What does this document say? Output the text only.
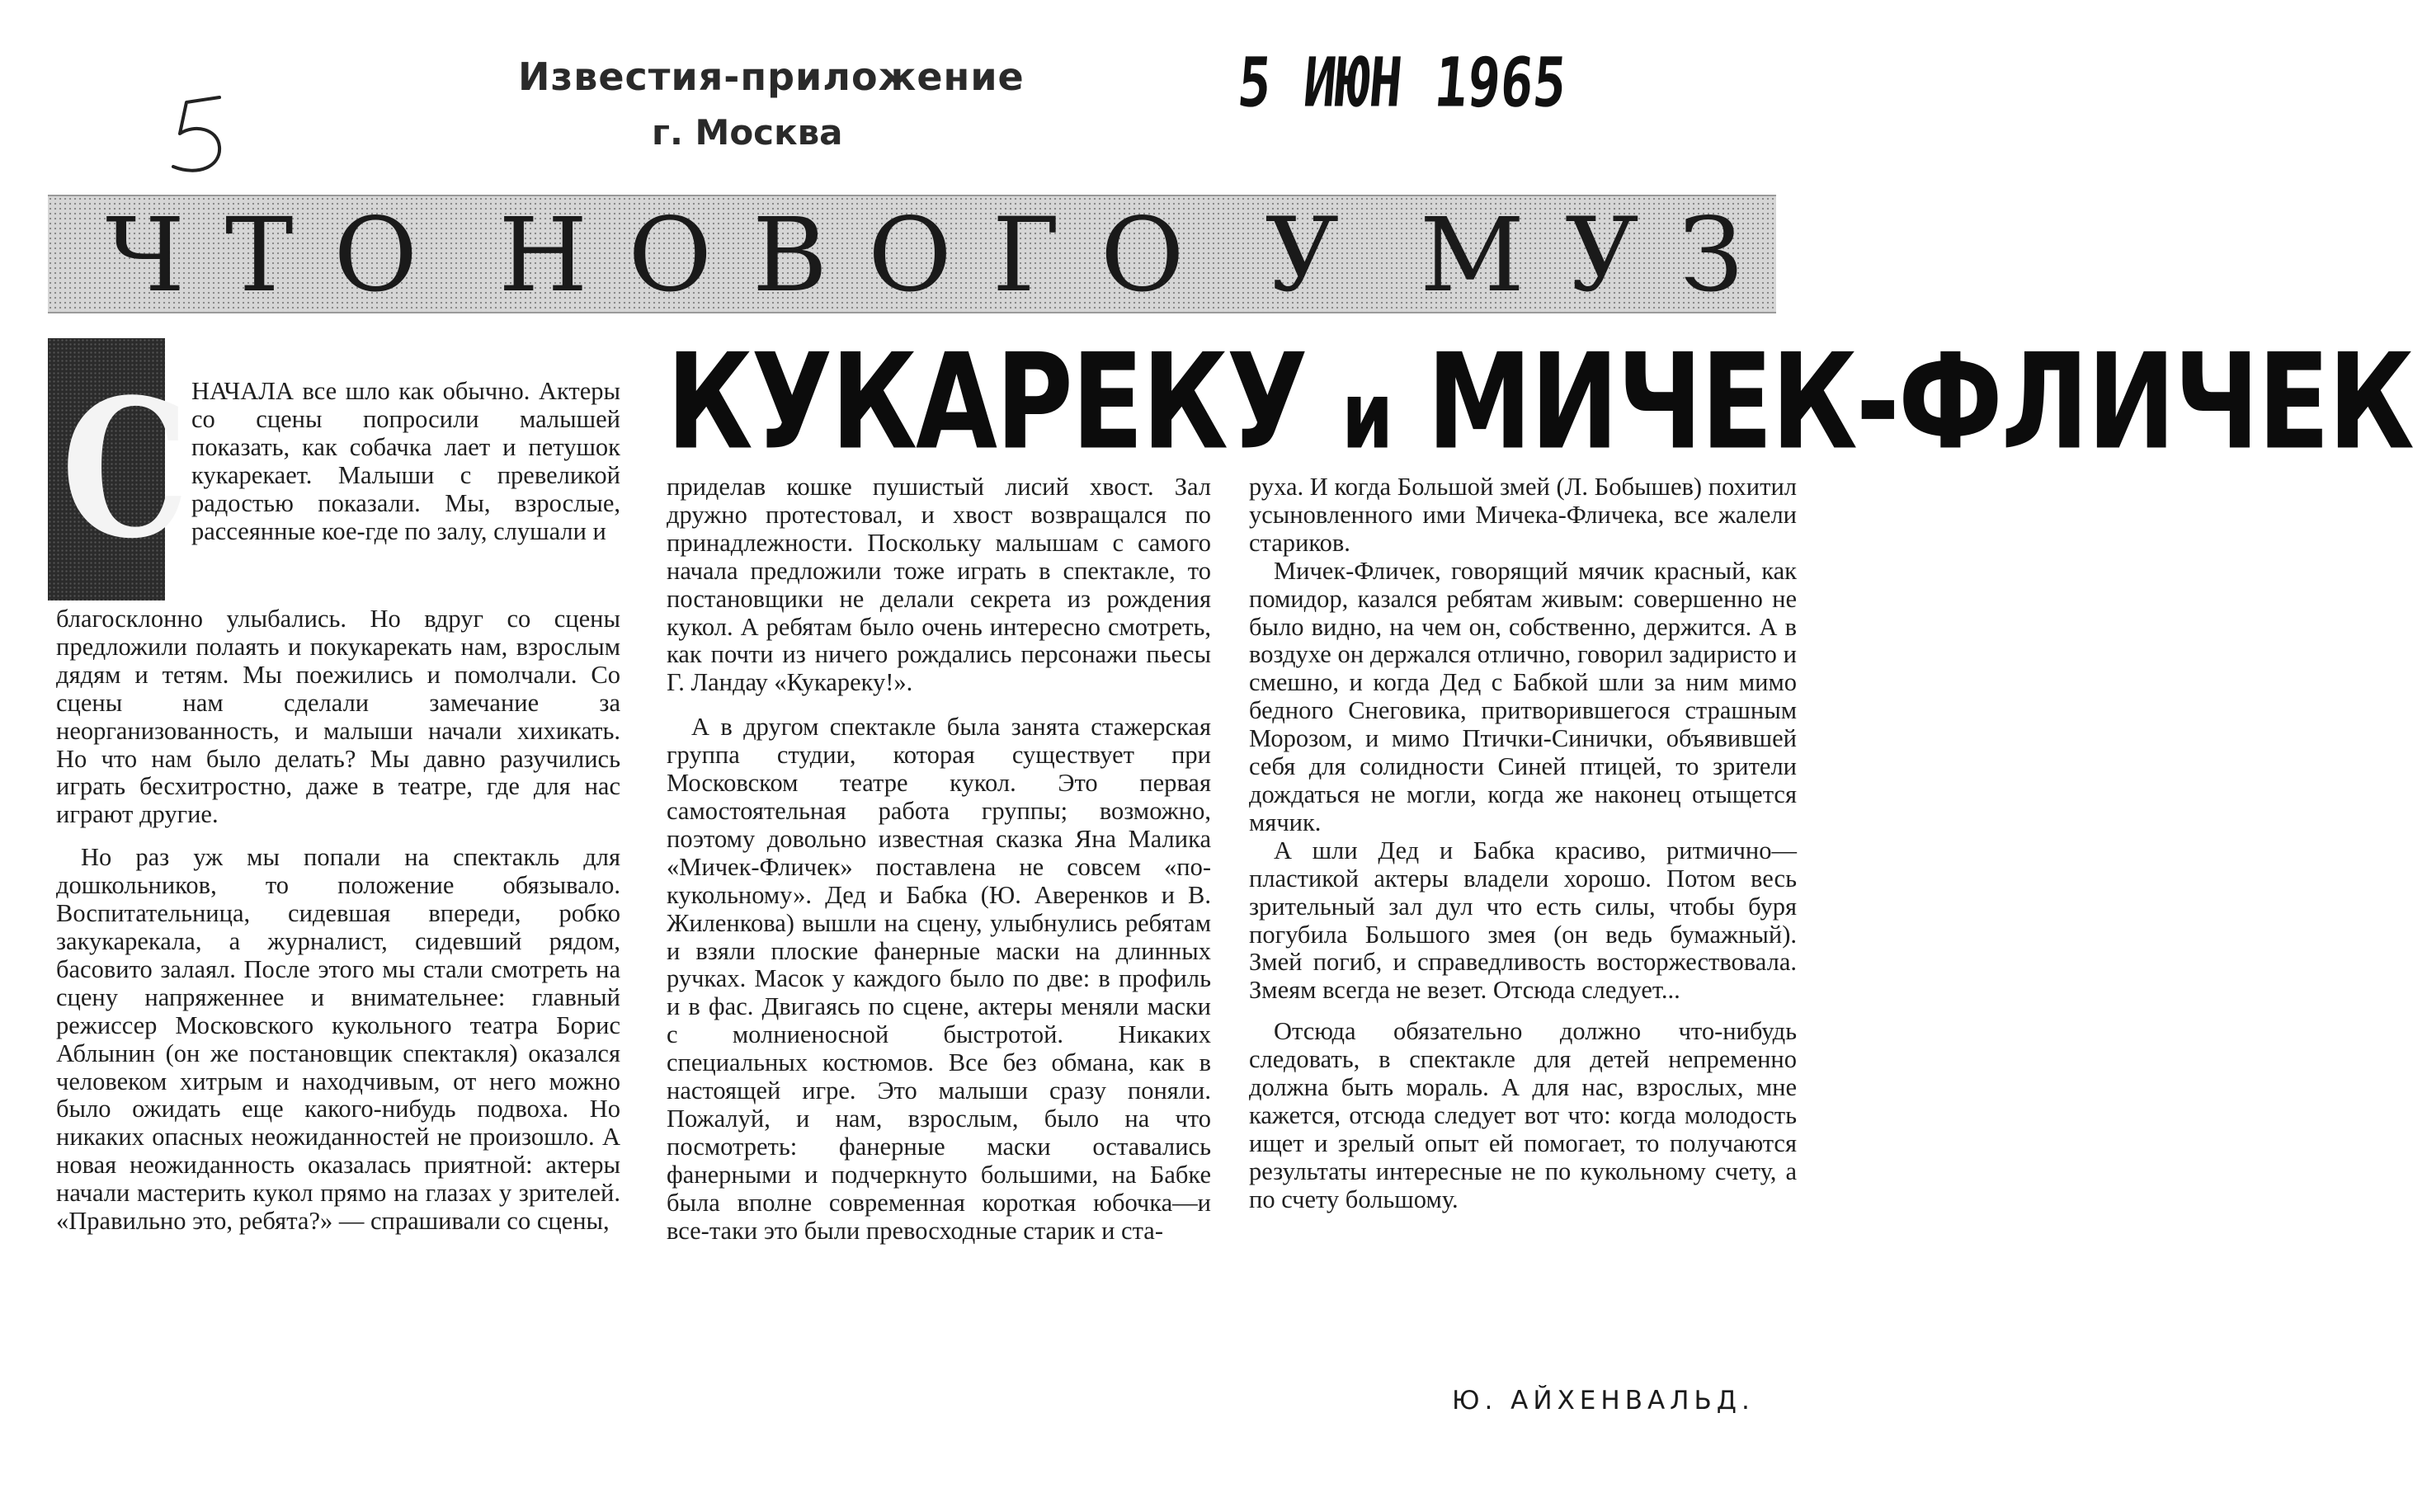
Известия-приложение
г. Москва
5 ИЮН 1965
Ч Т О Н О В О Г О У М У З
КУКАРЕКУ и МИЧЕК-ФЛИЧЕК
С НАЧАЛА все шло как обычно. Актеры со сцены попросили малышей показать, как собачка лает и петушок кукарекает. Малыши с превеликой радостью показали. Мы, взрослые, рассеянные кое-где по залу, слушали и

благосклонно улыбались. Но вдруг со сцены предложили полаять и покукарекать нам, взрослым дядям и тетям. Мы поежились и помолчали. Со сцены нам сделали замечание за неорганизованность, и малыши начали хихикать. Но что нам было делать? Мы давно разучились играть бесхитростно, даже в театре, где для нас играют другие.

Но раз уж мы попали на спектакль для дошкольников, то положение обязывало. Воспитательница, сидевшая впереди, робко закукарекала, а журналист, сидевший рядом, басовито залаял. После этого мы стали смотреть на сцену напряженнее и внимательнее: главный режиссер Московского кукольного театра Борис Аблынин (он же постановщик спектакля) оказался человеком хитрым и находчивым, от него можно было ожидать еще какого-нибудь подвоха. Но никаких опасных неожиданностей не произошло. А новая неожиданность оказалась приятной: актеры начали мастерить кукол прямо на глазах у зрителей. «Правильно это, ребята?» — спрашивали со сцены,

приделав кошке пушистый лисий хвост. Зал дружно протестовал, и хвост возвращался по принадлежности. Поскольку малышам с самого начала предложили тоже играть в спектакле, то постановщики не делали секрета из рождения кукол. А ребятам было очень интересно смотреть, как почти из ничего рождались персонажи пьесы Г. Ландау «Кукареку!».

А в другом спектакле была занята стажерская группа студии, которая существует при Московском театре кукол. Это первая самостоятельная работа группы; возможно, поэтому довольно известная сказка Яна Малика «Мичек-Фличек» поставлена не совсем «по-кукольному». Дед и Бабка (Ю. Аверенков и В. Жиленкова) вышли на сцену, улыбнулись ребятам и взяли плоские фанерные маски на длинных ручках. Масок у каждого было по две: в профиль и в фас. Двигаясь по сцене, актеры меняли маски с молниеносной быстротой. Никаких специальных костюмов. Все без обмана, как в настоящей игре. Это малыши сразу поняли. Пожалуй, и нам, взрослым, было на что посмотреть: фанерные маски оставались фанерными и подчеркнуто большими, на Бабке была вполне современная короткая юбочка—и все-таки это были превосходные старик и ста-

руха. И когда Большой змей (Л. Бобышев) похитил усыновленного ими Мичека-Фличека, все жалели стариков.

Мичек-Фличек, говорящий мячик красный, как помидор, казался ребятам живым: совершенно не было видно, на чем он, собственно, держится. А в воздухе он держался отлично, говорил задиристо и смешно, и когда Дед с Бабкой шли за ним мимо бедного Снеговика, притворившегося страшным Морозом, и мимо Птички-Синички, объявившей себя для солидности Синей птицей, то зрители дождаться не могли, когда же наконец отыщется мячик.

А шли Дед и Бабка красиво, ритмично—пластикой актеры владели хорошо. Потом весь зрительный зал дул что есть силы, чтобы буря погубила Большого змея (он ведь бумажный). Змей погиб, и справедливость восторжествовала. Змеям всегда не везет. Отсюда следует...

Отсюда обязательно должно что-нибудь следовать, в спектакле для детей непременно должна быть мораль. А для нас, взрослых, мне кажется, отсюда следует вот что: когда молодость ищет и зрелый опыт ей помогает, то получаются результаты интересные не по кукольному счету, а по счету большому.

Ю. АЙХЕНВАЛЬД.
